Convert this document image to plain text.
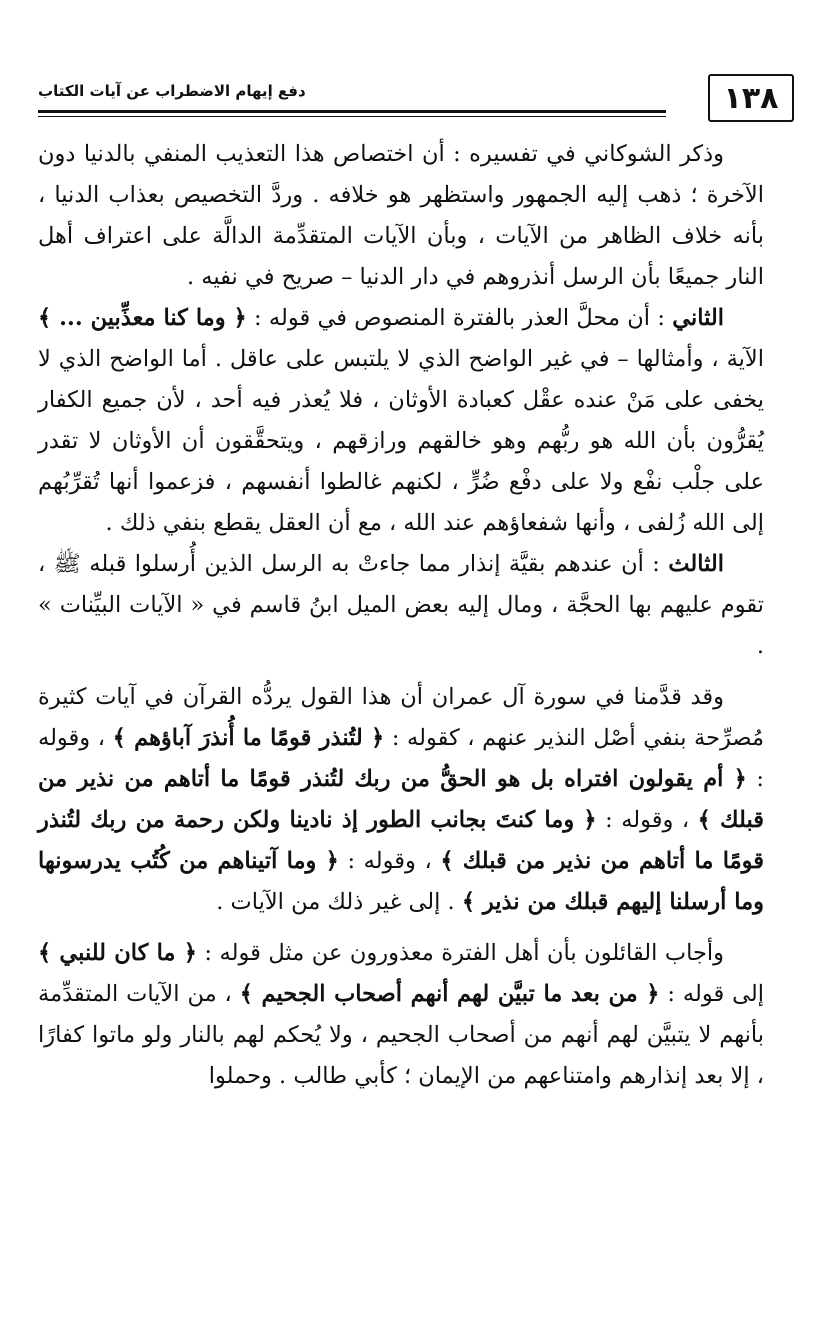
١٣٨
دفع إيهام الاضطراب عن آيات الكتاب

وذكر الشوكاني في تفسيره : أن اختصاص هذا التعذيب المنفي بالدنيا دون الآخرة ؛ ذهب إليه الجمهور واستظهر هو خلافه . وردَّ التخصيص بعذاب الدنيا ، بأنه خلاف الظاهر من الآيات ، وبأن الآيات المتقدِّمة الدالَّة على اعتراف أهل النار جميعًا بأن الرسل أنذروهم في دار الدنيا – صريح في نفيه .

الثاني : أن محلَّ العذر بالفترة المنصوص في قوله : ﴿ وما كنا معذِّبين ... ﴾ الآية ، وأمثالها – في غير الواضح الذي لا يلتبس على عاقل . أما الواضح الذي لا يخفى على مَنْ عنده عقْل كعبادة الأوثان ، فلا يُعذر فيه أحد ، لأن جميع الكفار يُقرُّون بأن الله هو ربُّهم وهو خالقهم ورازقهم ، ويتحقَّقون أن الأوثان لا تقدر على جلْب نفْع ولا على دفْع ضُرٍّ ، لكنهم غالطوا أنفسهم ، فزعموا أنها تُقرِّبُهم إلى الله زُلفى ، وأنها شفعاؤهم عند الله ، مع أن العقل يقطع بنفي ذلك .

الثالث : أن عندهم بقيَّة إنذار مما جاءتْ به الرسل الذين أُرسلوا قبله ﷺ ، تقوم عليهم بها الحجَّة ، ومال إليه بعض الميل ابنُ قاسم في « الآيات البيِّنات » .

وقد قدَّمنا في سورة آل عمران أن هذا القول يردُّه القرآن في آيات كثيرة مُصرِّحة بنفي أصْل النذير عنهم ، كقوله : ﴿ لتُنذر قومًا ما أُنذرَ آباؤهم ﴾ ، وقوله : ﴿ أم يقولون افتراه بل هو الحقُّ من ربك لتُنذر قومًا ما أتاهم من نذير من قبلك ﴾ ، وقوله : ﴿ وما كنتَ بجانب الطور إذ نادينا ولكن رحمة من ربك لتُنذر قومًا ما أتاهم من نذير من قبلك ﴾ ، وقوله : ﴿ وما آتيناهم من كُتُب يدرسونها وما أرسلنا إليهم قبلك من نذير ﴾ . إلى غير ذلك من الآيات .

وأجاب القائلون بأن أهل الفترة معذورون عن مثل قوله : ﴿ ما كان للنبي ﴾ إلى قوله : ﴿ من بعد ما تبيَّن لهم أنهم أصحاب الجحيم ﴾ ، من الآيات المتقدِّمة بأنهم لا يتبيَّن لهم أنهم من أصحاب الجحيم ، ولا يُحكم لهم بالنار ولو ماتوا كفارًا ، إلا بعد إنذارهم وامتناعهم من الإيمان ؛ كأبي طالب . وحملوا
